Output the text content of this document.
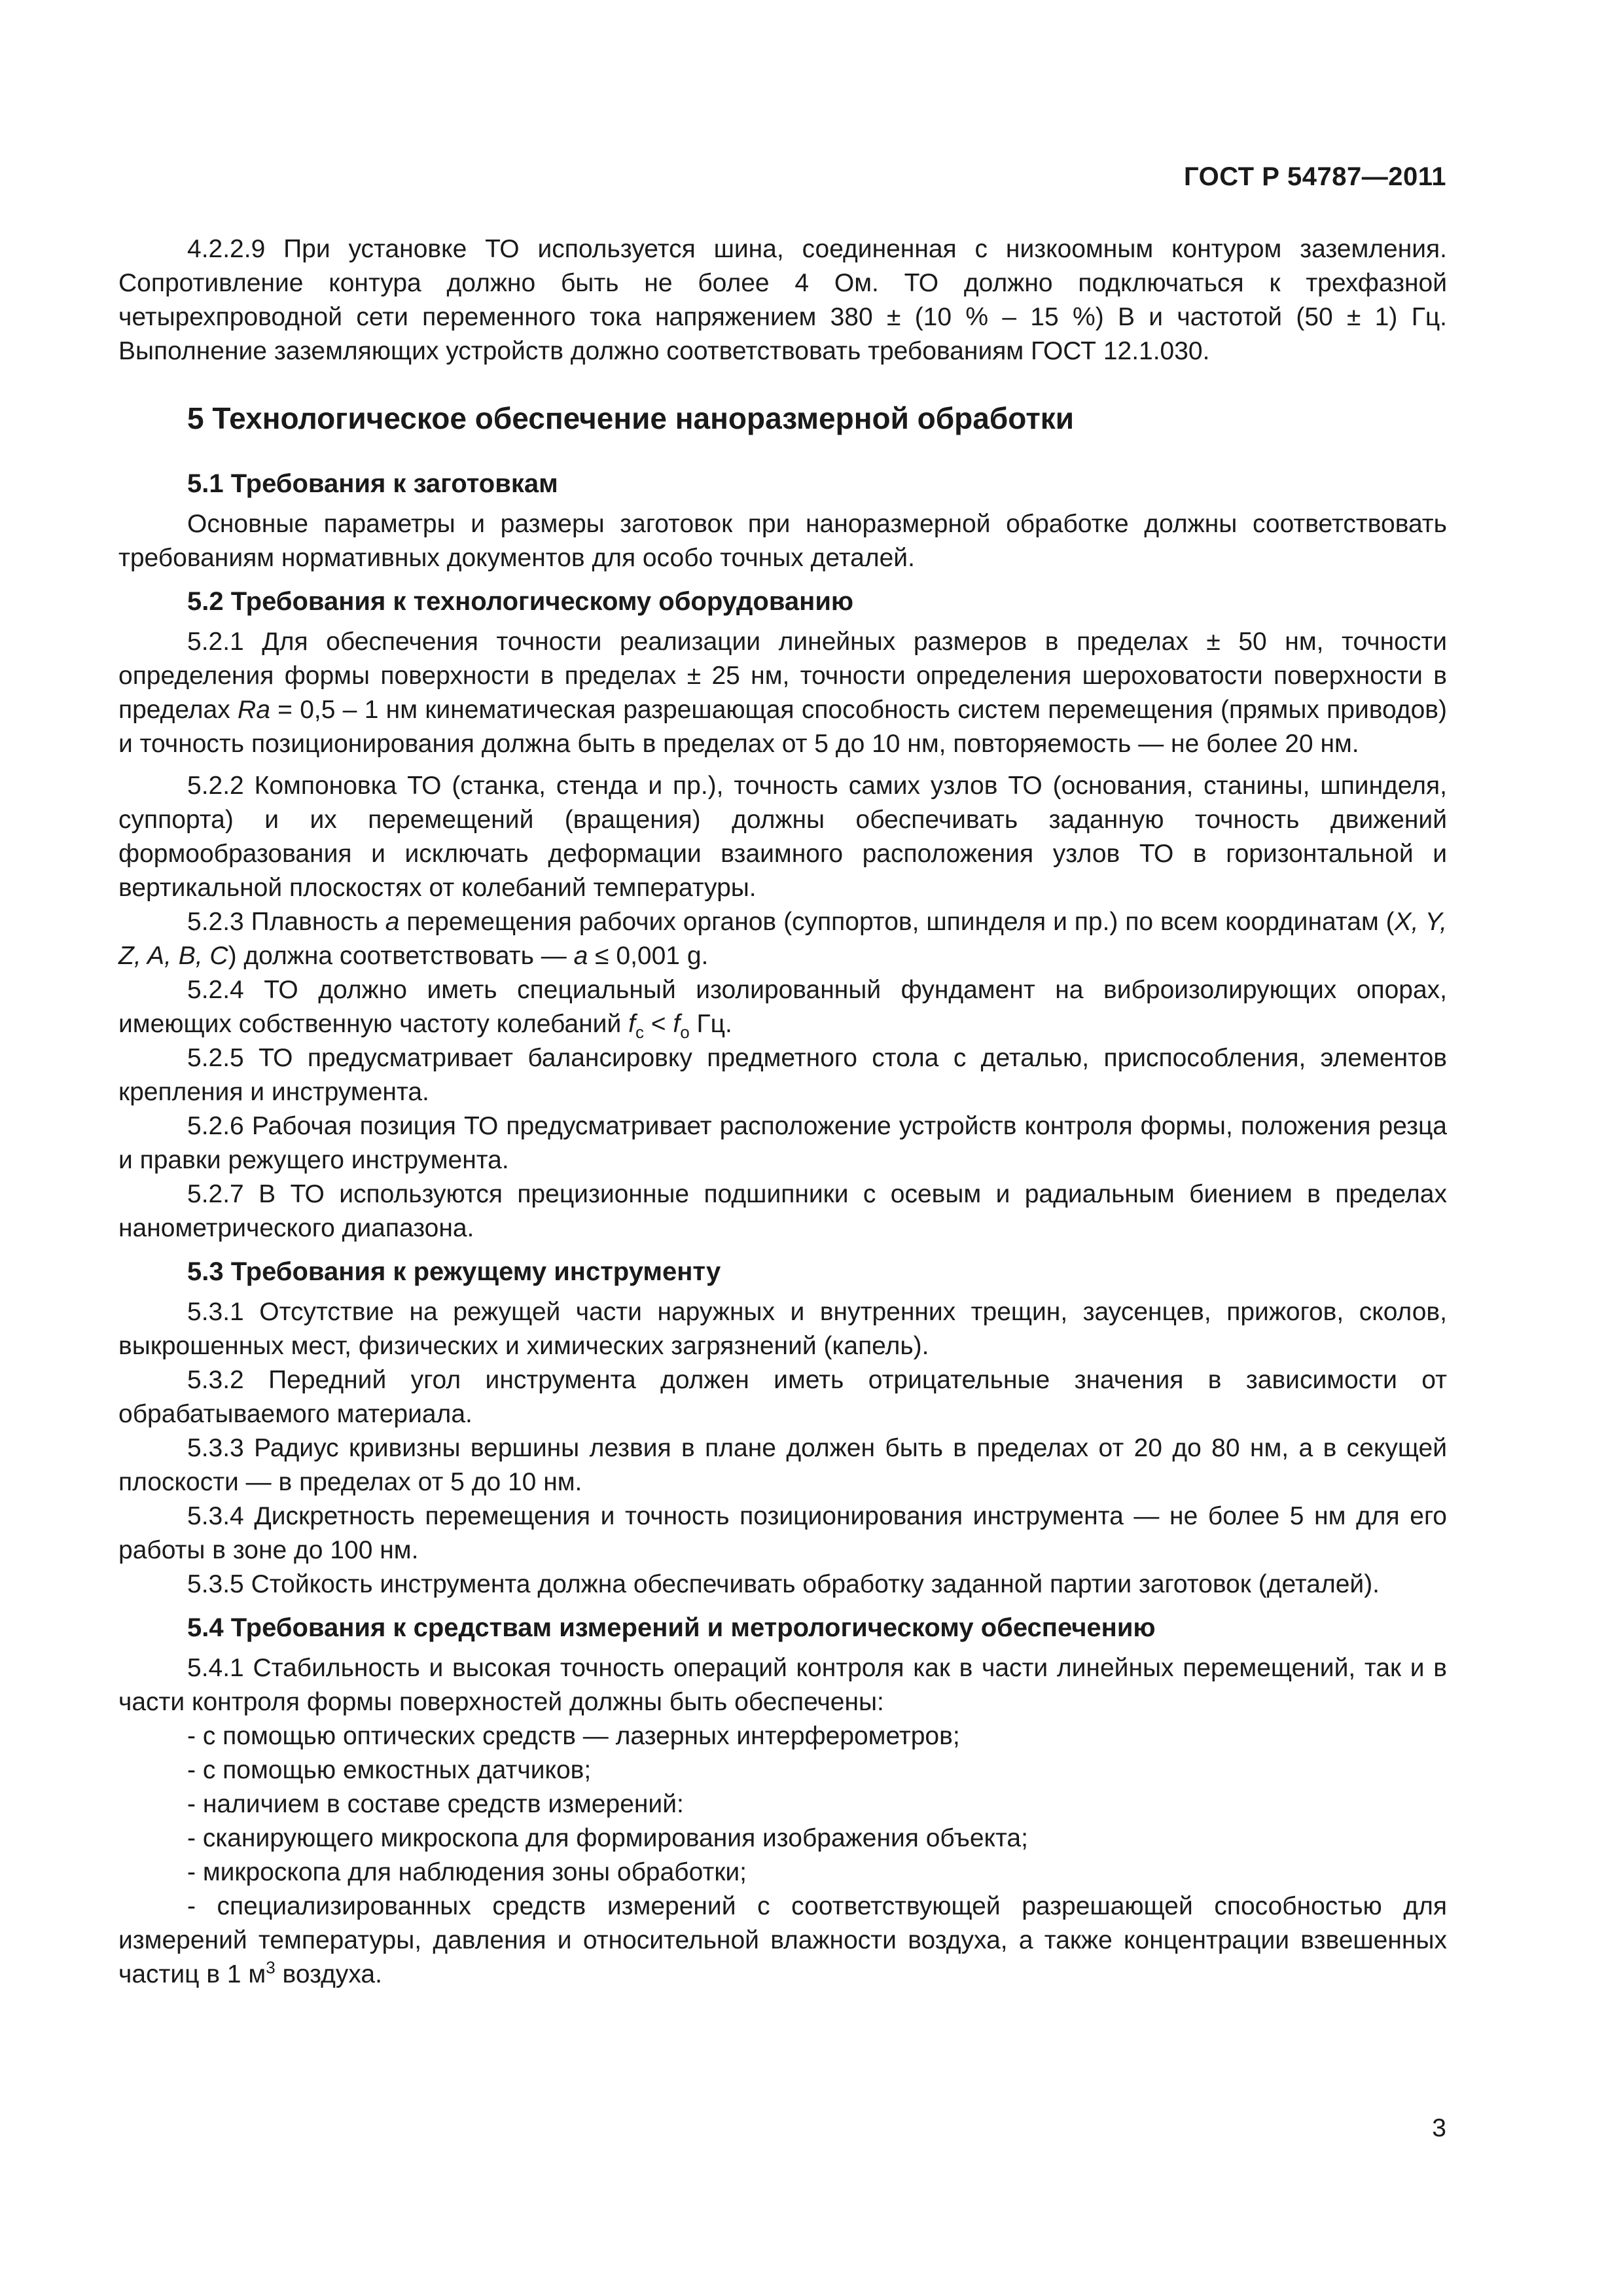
ГОСТ Р 54787—2011

4.2.2.9 При установке ТО используется шина, соединенная с низкоомным контуром заземления. Сопротивление контура должно быть не более 4 Ом. ТО должно подключаться к трехфазной четырехпроводной сети переменного тока напряжением 380 ± (10 % – 15 %) В и частотой (50 ± 1) Гц. Выполнение заземляющих устройств должно соответствовать требованиям ГОСТ 12.1.030.

5 Технологическое обеспечение наноразмерной обработки
5.1 Требования к заготовкам

Основные параметры и размеры заготовок при наноразмерной обработке должны соответствовать требованиям нормативных документов для особо точных деталей.

5.2 Требования к технологическому оборудованию

5.2.1 Для обеспечения точности реализации линейных размеров в пределах ± 50 нм, точности определения формы поверхности в пределах ± 25 нм, точности определения шероховатости поверхности в пределах Ra = 0,5 – 1 нм кинематическая разрешающая способность систем перемещения (прямых приводов) и точность позиционирования должна быть в пределах от 5 до 10 нм, повторяемость — не более 20 нм.

5.2.2 Компоновка ТО (станка, стенда и пр.), точность самих узлов ТО (основания, станины, шпинделя, суппорта) и их перемещений (вращения) должны обеспечивать заданную точность движений формообразования и исключать деформации взаимного расположения узлов ТО в горизонтальной и вертикальной плоскостях от колебаний температуры.

5.2.3 Плавность a перемещения рабочих органов (суппортов, шпинделя и пр.) по всем координатам (X, Y, Z, A, B, C) должна соответствовать — a ≤ 0,001 g.

5.2.4 ТО должно иметь специальный изолированный фундамент на виброизолирующих опорах, имеющих собственную частоту колебаний $f_с < f_о$ Гц.

5.2.5 ТО предусматривает балансировку предметного стола с деталью, приспособления, элементов крепления и инструмента.

5.2.6 Рабочая позиция ТО предусматривает расположение устройств контроля формы, положения резца и правки режущего инструмента.

5.2.7 В ТО используются прецизионные подшипники с осевым и радиальным биением в пределах нанометрического диапазона.

5.3 Требования к режущему инструменту

5.3.1 Отсутствие на режущей части наружных и внутренних трещин, заусенцев, прижогов, сколов, выкрошенных мест, физических и химических загрязнений (капель).

5.3.2 Передний угол инструмента должен иметь отрицательные значения в зависимости от обрабатываемого материала.

5.3.3 Радиус кривизны вершины лезвия в плане должен быть в пределах от 20 до 80 нм, а в секущей плоскости — в пределах от 5 до 10 нм.

5.3.4 Дискретность перемещения и точность позиционирования инструмента — не более 5 нм для его работы в зоне до 100 нм.

5.3.5 Стойкость инструмента должна обеспечивать обработку заданной партии заготовок (деталей).

5.4 Требования к средствам измерений и метрологическому обеспечению

5.4.1 Стабильность и высокая точность операций контроля как в части линейных перемещений, так и в части контроля формы поверхностей должны быть обеспечены:

- с помощью оптических средств — лазерных интерферометров;

- с помощью емкостных датчиков;

- наличием в составе средств измерений:

- сканирующего микроскопа для формирования изображения объекта;

- микроскопа для наблюдения зоны обработки;

- специализированных средств измерений с соответствующей разрешающей способностью для измерений температуры, давления и относительной влажности воздуха, а также концентрации взвешенных частиц в 1 $м^3$ воздуха.

3
